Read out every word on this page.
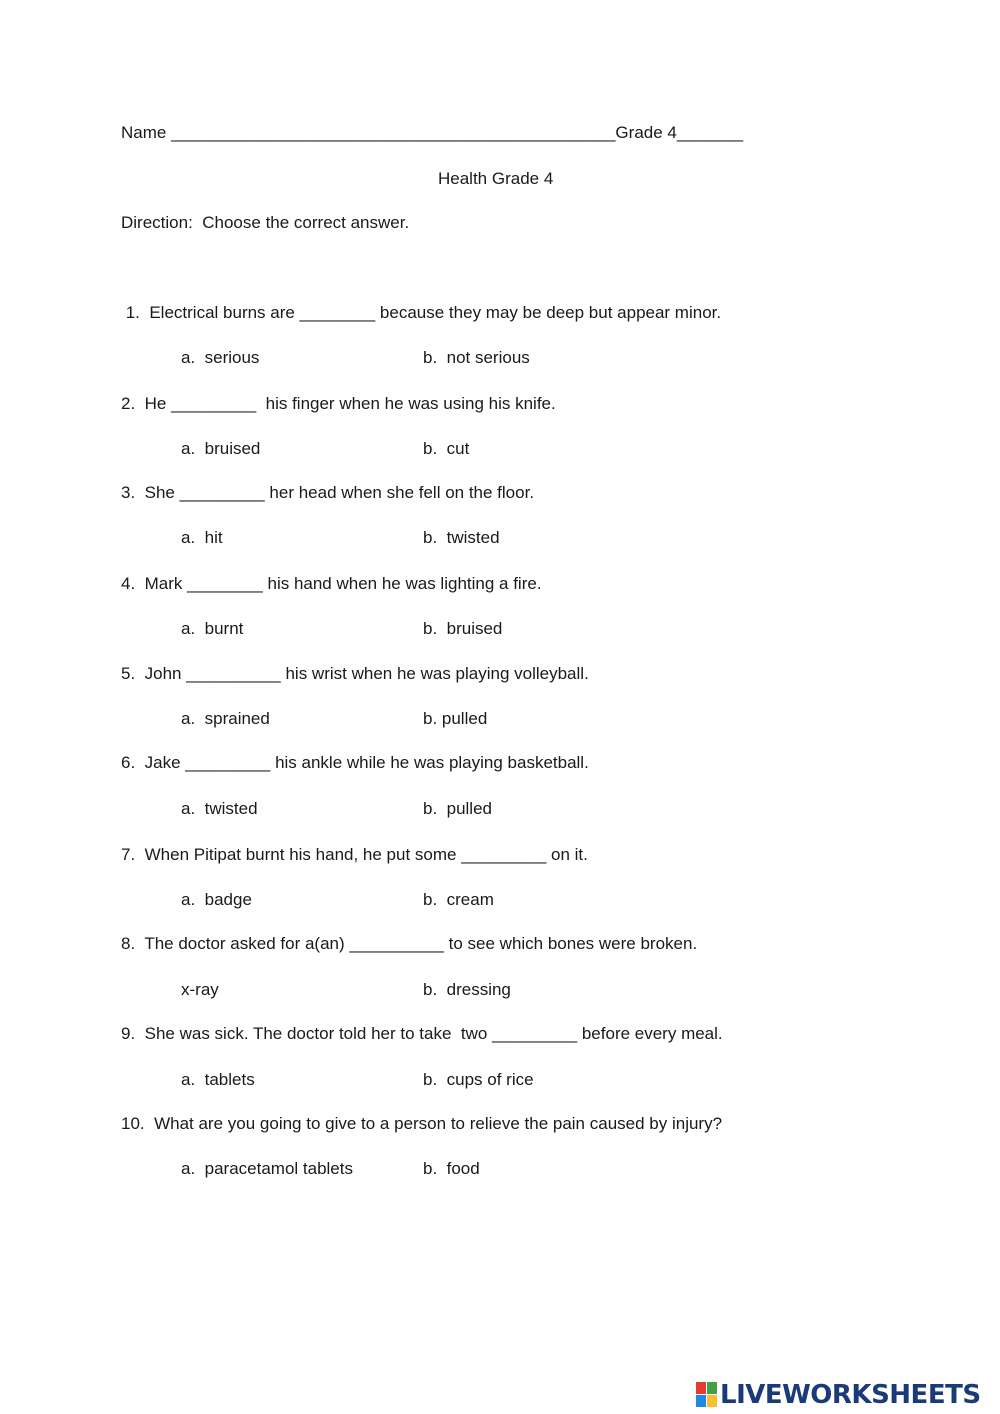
Name _______________________________________________Grade 4_______
Health Grade 4
Direction:  Choose the correct answer.
1.  Electrical burns are ________ because they may be deep but appear minor.
a.  serious	b.  not serious
2.  He _________  his finger when he was using his knife.
a.  bruised	b.  cut
3.  She _________ her head when she fell on the floor.
a.  hit	b.  twisted
4.  Mark ________ his hand when he was lighting a fire.
a.  burnt	b.  bruised
5.  John __________ his wrist when he was playing volleyball.
a.  sprained	b. pulled
6.  Jake _________ his ankle while he was playing basketball.
a.  twisted	b.  pulled
7.  When Pitipat burnt his hand, he put some _________ on it.
a.  badge	b.  cream
8.  The doctor asked for a(an) __________ to see which bones were broken.
x-ray	b.  dressing
9.  She was sick. The doctor told her to take  two _________ before every meal.
a.  tablets	b.  cups of rice
10.  What are you going to give to a person to relieve the pain caused by injury?
a.  paracetamol tablets	b.  food
LIVEWORKSHEETS
